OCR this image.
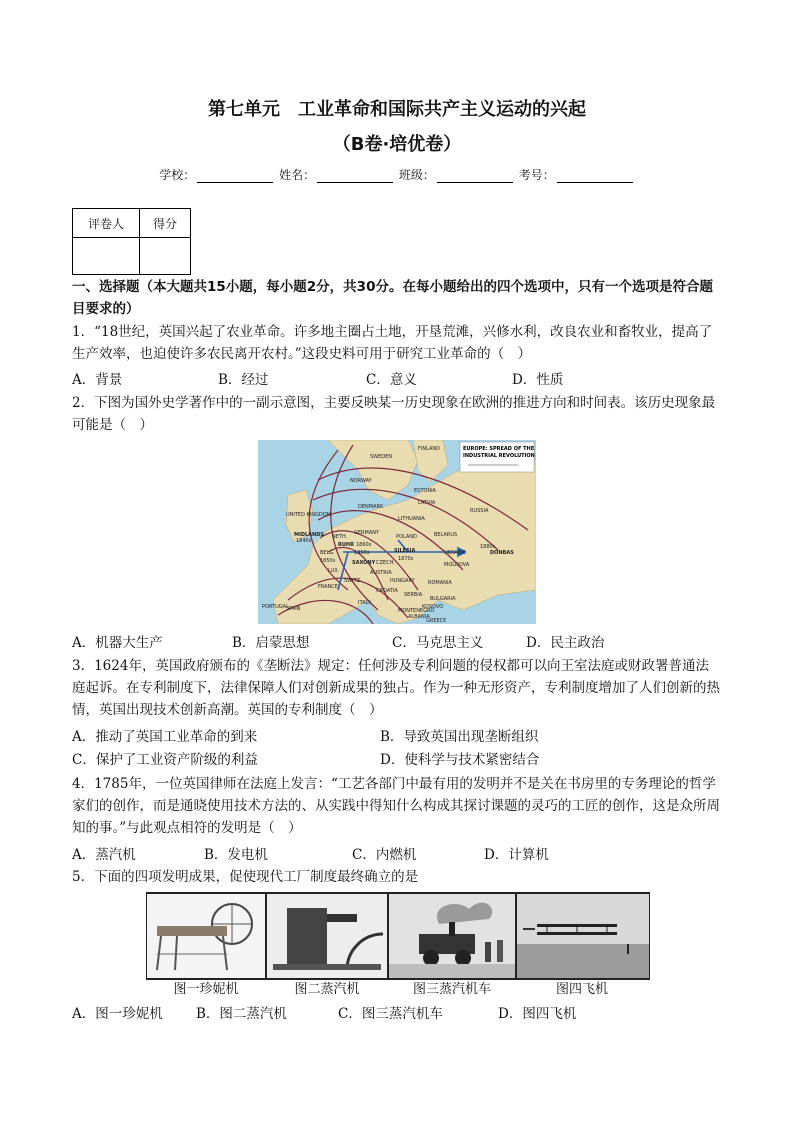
第七单元　工业革命和国际共产主义运动的兴起
（B卷·培优卷）
学校：	姓名：	班级：	考号：
评卷人	得分

一、选择题（本大题共15小题，每小题2分，共30分。在每小题给出的四个选项中，只有一个选项是符合题目要求的）
1．“18世纪，英国兴起了农业革命。许多地主圈占土地，开垦荒滩，兴修水利，改良农业和畜牧业，提高了生产效率，也迫使许多农民离开农村。”这段史料可用于研究工业革命的（　）
A．背景	B．经过	C．意义	D．性质
2．下图为国外史学著作中的一副示意图，主要反映某一历史现象在欧洲的推进方向和时间表。该历史现象最可能是（　）
EUROPE: SPREAD OF THE
INDUSTRIAL REVOLUTION
FINLAND
SWEDEN
NORWAY
ESTONIA
LATVIA
RUSSIA
DENMARK
LITHUANIA
UNITED KINGDOM
MIDLANDS
1840s
NETH.
GERMANY
1860s
RUHR
SILESIA
BELARUS
POLAND
DONBAS
1880s
1870s
1850s
1850s
SAXONY CZECH.
UKRAINE
BELG.
LUX.
FRANCE
AUSTRIA
HUNGARY
SWITZ.
MOLDOVA
ROMANIA
CROATIA
ITALY
SERBIA
BULGARIA
PORTUGAL
SPAIN	MONTENEGRO
ALBANIA
GREECE
KOSOVO
A．机器大生产	B．启蒙思想	C．马克思主义	D．民主政治
3．1624年，英国政府颁布的《垄断法》规定：任何涉及专利问题的侵权都可以向王室法庭或财政署普通法庭起诉。在专利制度下，法律保障人们对创新成果的独占。作为一种无形资产，专利制度增加了人们创新的热情，英国出现技术创新高潮。英国的专利制度（　）
A．推动了英国工业革命的到来	B．导致英国出现垄断组织
C．保护了工业资产阶级的利益	D．使科学与技术紧密结合
4．1785年，一位英国律师在法庭上发言：“工艺各部门中最有用的发明并不是关在书房里的专务理论的哲学家们的创作，而是通晓使用技术方法的、从实践中得知什么构成其探讨课题的灵巧的工匠的创作，这是众所周知的事。”与此观点相符的发明是（　）
A．蒸汽机	B．发电机	C．内燃机	D．计算机
5．下面的四项发明成果，促使现代工厂制度最终确立的是
图一珍妮机	图二蒸汽机	图三蒸汽机车	图四飞机
A．图一珍妮机 B．图二蒸汽机	C．图三蒸汽机车	D．图四飞机
